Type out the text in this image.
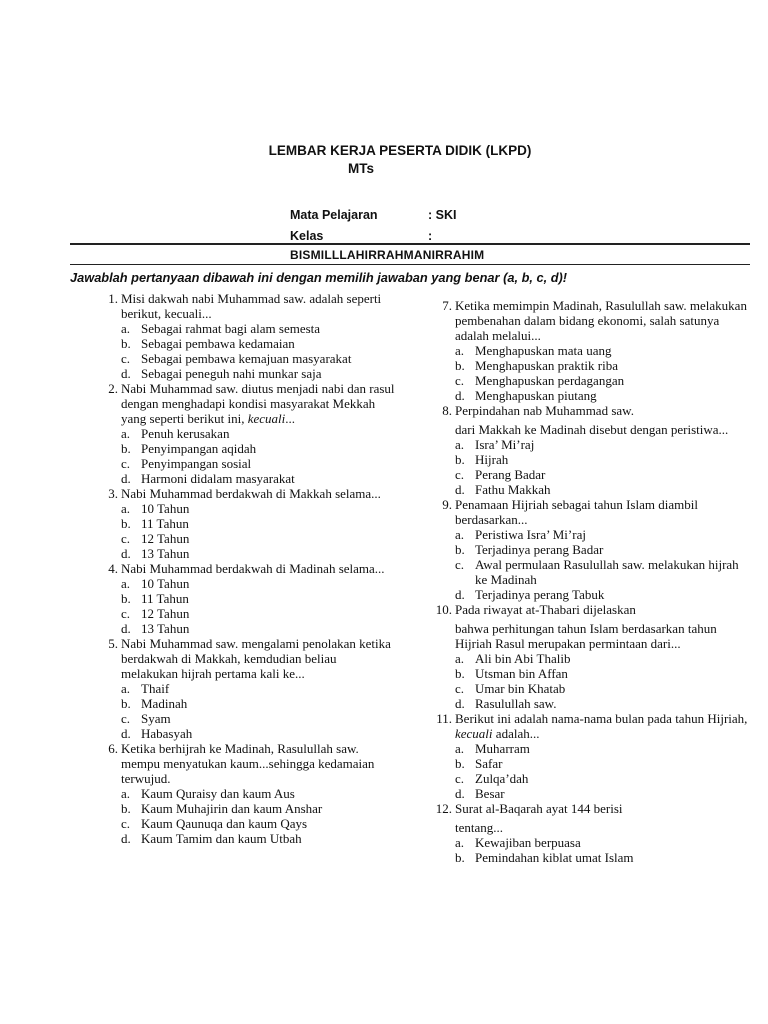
LEMBAR KERJA PESERTA DIDIK (LKPD)
MTs
Mata Pelajaran	: SKI
Kelas	:
BISMILLLAHIRRAHMANIRRAHIM
Jawablah pertanyaan dibawah ini dengan memilih jawaban yang benar (a, b, c, d)!
1. Misi dakwah nabi Muhammad saw. adalah seperti berikut, kecuali...
a. Sebagai rahmat bagi alam semesta
b. Sebagai pembawa kedamaian
c. Sebagai pembawa kemajuan masyarakat
d. Sebagai peneguh nahi munkar saja
2. Nabi Muhammad saw. diutus menjadi nabi dan rasul dengan menghadapi kondisi masyarakat Mekkah yang seperti berikut ini, kecuali...
a. Penuh kerusakan
b. Penyimpangan aqidah
c. Penyimpangan sosial
d. Harmoni didalam masyarakat
3. Nabi Muhammad berdakwah di Makkah selama...
a. 10 Tahun
b. 11 Tahun
c. 12 Tahun
d. 13 Tahun
4. Nabi Muhammad berdakwah di Madinah selama...
a. 10 Tahun
b. 11 Tahun
c. 12 Tahun
d. 13 Tahun
5. Nabi Muhammad saw. mengalami penolakan ketika berdakwah di Makkah, kemdudian beliau melakukan hijrah pertama kali ke...
a. Thaif
b. Madinah
c. Syam
d. Habasyah
6. Ketika berhijrah ke Madinah, Rasulullah saw. mempu menyatukan kaum...sehingga kedamaian terwujud.
a. Kaum Quraisy dan kaum Aus
b. Kaum Muhajirin dan kaum Anshar
c. Kaum Qaunuqa dan kaum Qays
d. Kaum Tamim dan kaum Utbah
7. Ketika memimpin Madinah, Rasulullah saw. melakukan pembenahan dalam bidang ekonomi, salah satunya adalah melalui...
a. Menghapuskan mata uang
b. Menghapuskan praktik riba
c. Menghapuskan perdagangan
d. Menghapuskan piutang
8. Perpindahan nab Muhammad saw.
dari Makkah ke Madinah disebut dengan peristiwa...
a. Isra’ Mi’raj
b. Hijrah
c. Perang Badar
d. Fathu Makkah
9. Penamaan Hijriah sebagai tahun Islam diambil berdasarkan...
a. Peristiwa Isra’ Mi’raj
b. Terjadinya perang Badar
c. Awal permulaan Rasulullah saw. melakukan hijrah ke Madinah
d. Terjadinya perang Tabuk
10. Pada riwayat at-Thabari dijelaskan
bahwa perhitungan tahun Islam berdasarkan tahun Hijriah Rasul merupakan permintaan dari...
a. Ali bin Abi Thalib
b. Utsman bin Affan
c. Umar bin Khatab
d. Rasulullah saw.
11. Berikut ini adalah nama-nama bulan pada tahun Hijriah, kecuali adalah...
a. Muharram
b. Safar
c. Zulqa’dah
d. Besar
12. Surat al-Baqarah ayat 144 berisi
tentang...
a. Kewajiban berpuasa
b. Pemindahan kiblat umat Islam
